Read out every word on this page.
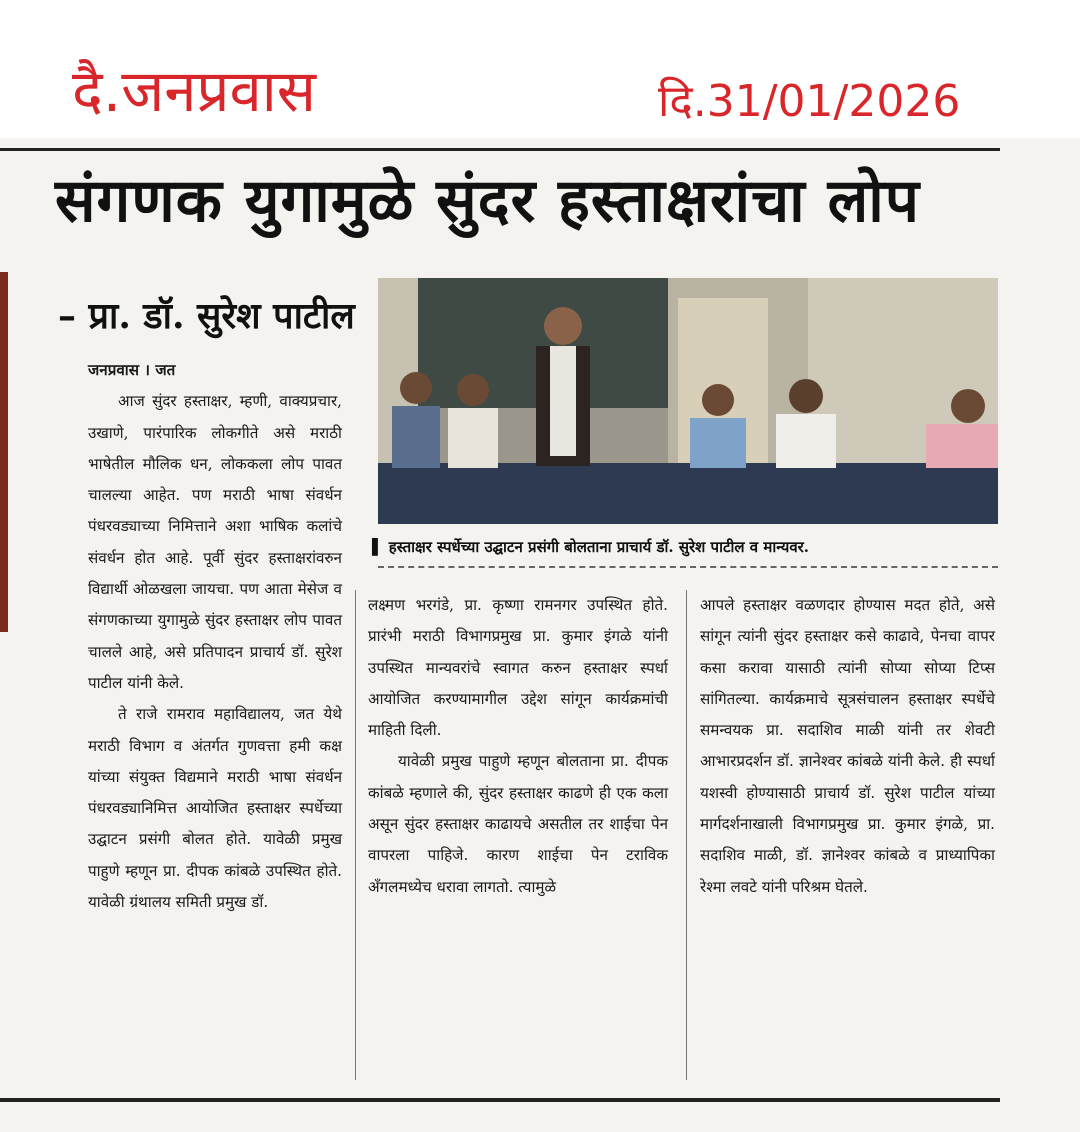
दै.जनप्रवास	दि.31/01/2026
संगणक युगामुळे सुंदर हस्ताक्षरांचा लोप
– प्रा. डॉ. सुरेश पाटील
▌ हस्ताक्षर स्पर्धेच्या उद्घाटन प्रसंगी बोलताना प्राचार्य डॉ. सुरेश पाटील व मान्यवर.

जनप्रवास । जत

आज सुंदर हस्ताक्षर, म्हणी, वाक्यप्रचार, उखाणे, पारंपारिक लोकगीते असे मराठी भाषेतील मौलिक धन, लोककला लोप पावत चालल्या आहेत. पण मराठी भाषा संवर्धन पंधरवड्याच्या निमित्ताने अशा भाषिक कलांचे संवर्धन होत आहे. पूर्वी सुंदर हस्ताक्षरांवरुन विद्यार्थी ओळखला जायचा. पण आता मेसेज व संगणकाच्या युगामुळे सुंदर हस्ताक्षर लोप पावत चालले आहे, असे प्रतिपादन प्राचार्य डॉ. सुरेश पाटील यांनी केले.

ते राजे रामराव महाविद्यालय, जत येथे मराठी विभाग व अंतर्गत गुणवत्ता हमी कक्ष यांच्या संयुक्त विद्यमाने मराठी भाषा संवर्धन पंधरवड्यानिमित्त आयोजित हस्ताक्षर स्पर्धेच्या उद्घाटन प्रसंगी बोलत होते. यावेळी प्रमुख पाहुणे म्हणून प्रा. दीपक कांबळे उपस्थित होते. यावेळी ग्रंथालय समिती प्रमुख डॉ.

लक्ष्मण भरगंडे, प्रा. कृष्णा रामनगर उपस्थित होते. प्रारंभी मराठी विभागप्रमुख प्रा. कुमार इंगळे यांनी उपस्थित मान्यवरांचे स्वागत करुन हस्ताक्षर स्पर्धा आयोजित करण्यामागील उद्देश सांगून कार्यक्रमांची माहिती दिली.

यावेळी प्रमुख पाहुणे म्हणून बोलताना प्रा. दीपक कांबळे म्हणाले की, सुंदर हस्ताक्षर काढणे ही एक कला असून सुंदर हस्ताक्षर काढायचे असतील तर शाईचा पेन वापरला पाहिजे. कारण शाईचा पेन टराविक अँगलमध्येच धरावा लागतो. त्यामुळे

आपले हस्ताक्षर वळणदार होण्यास मदत होते, असे सांगून त्यांनी सुंदर हस्ताक्षर कसे काढावे, पेनचा वापर कसा करावा यासाठी त्यांनी सोप्या सोप्या टिप्स सांगितल्या. कार्यक्रमाचे सूत्रसंचालन हस्ताक्षर स्पर्धेचे समन्वयक प्रा. सदाशिव माळी यांनी तर शेवटी आभारप्रदर्शन डॉ. ज्ञानेश्वर कांबळे यांनी केले. ही स्पर्धा यशस्वी होण्यासाठी प्राचार्य डॉ. सुरेश पाटील यांच्या मार्गदर्शनाखाली विभागप्रमुख प्रा. कुमार इंगळे, प्रा. सदाशिव माळी, डॉ. ज्ञानेश्वर कांबळे व प्राध्यापिका रेश्मा लवटे यांनी परिश्रम घेतले.
